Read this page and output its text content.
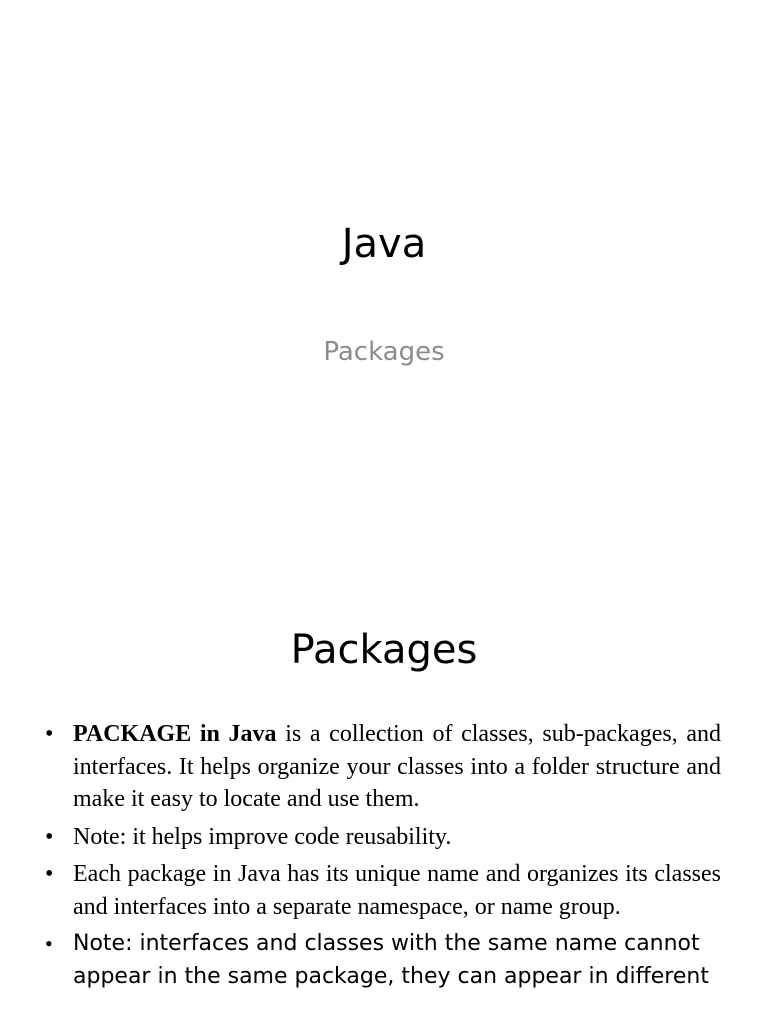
Java
Packages
Packages
• PACKAGE in Java is a collection of classes, sub-packages, and interfaces. It helps organize your classes into a folder structure and make it easy to locate and use them.
• Note: it helps improve code reusability.
• Each package in Java has its unique name and organizes its classes and interfaces into a separate namespace, or name group.
• Note: interfaces and classes with the same name cannot appear in the same package, they can appear in different
